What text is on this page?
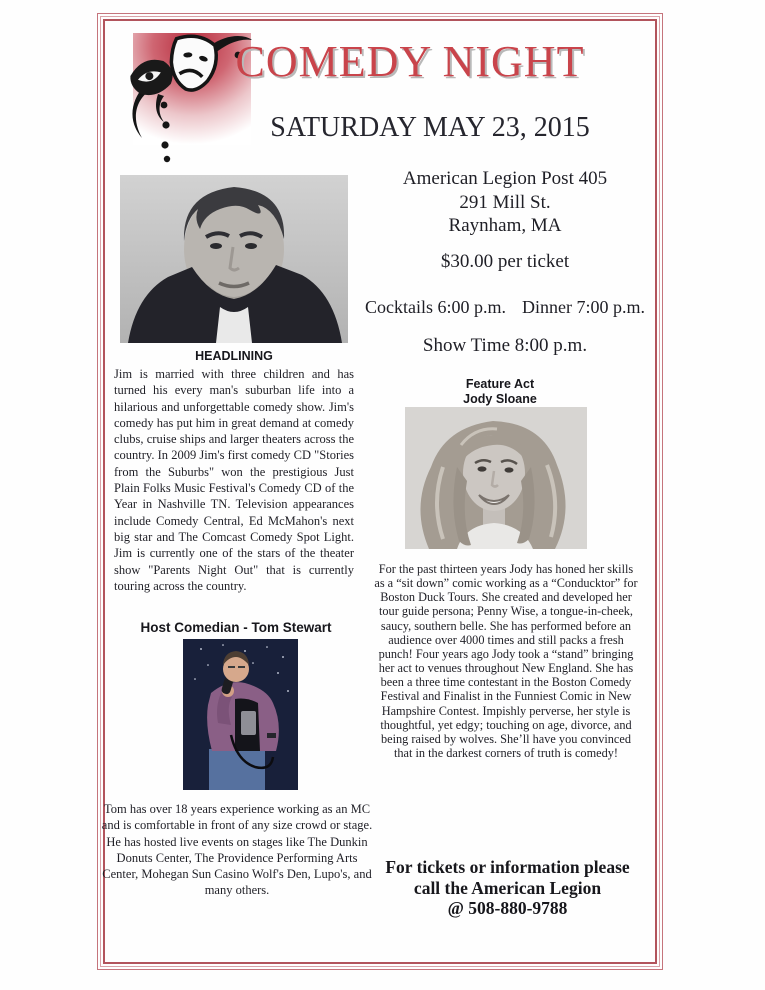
COMEDY NIGHT
SATURDAY MAY 23, 2015
HEADLINING
Jim is married with three children and has turned his every man's suburban life into a hilarious and unforgettable comedy show. Jim's comedy has put him in great demand at comedy clubs, cruise ships and larger theaters across the country. In 2009 Jim's first comedy CD "Stories from the Suburbs" won the prestigious Just Plain Folks Music Festival's Comedy CD of the Year in Nashville TN. Television appearances include Comedy Central, Ed McMahon's next big star and The Comcast Comedy Spot Light. Jim is currently one of the stars of the theater show "Parents Night Out" that is currently touring across the country.
American Legion Post 405
291 Mill St.
Raynham, MA
$30.00 per ticket
Cocktails 6:00 p.m. Dinner 7:00 p.m.
Show Time 8:00 p.m.
Feature Act
Jody Sloane
For the past thirteen years Jody has honed her skills as a “sit down” comic working as a “Conducktor” for Boston Duck Tours. She created and developed her tour guide persona; Penny Wise, a tongue-in-cheek, saucy, southern belle. She has performed before an audience over 4000 times and still packs a fresh punch! Four years ago Jody took a “stand” bringing her act to venues throughout New England. She has been a three time contestant in the Boston Comedy Festival and Finalist in the Funniest Comic in New Hampshire Contest. Impishly perverse, her style is thoughtful, yet edgy; touching on age, divorce, and being raised by wolves. She’ll have you convinced that in the darkest corners of truth is comedy!
Host Comedian - Tom Stewart
Tom has over 18 years experience working as an MC and is comfortable in front of any size crowd or stage. He has hosted live events on stages like The Dunkin Donuts Center, The Providence Performing Arts Center, Mohegan Sun Casino Wolf's Den, Lupo's, and many others.
For tickets or information please
call the American Legion
@ 508-880-9788
